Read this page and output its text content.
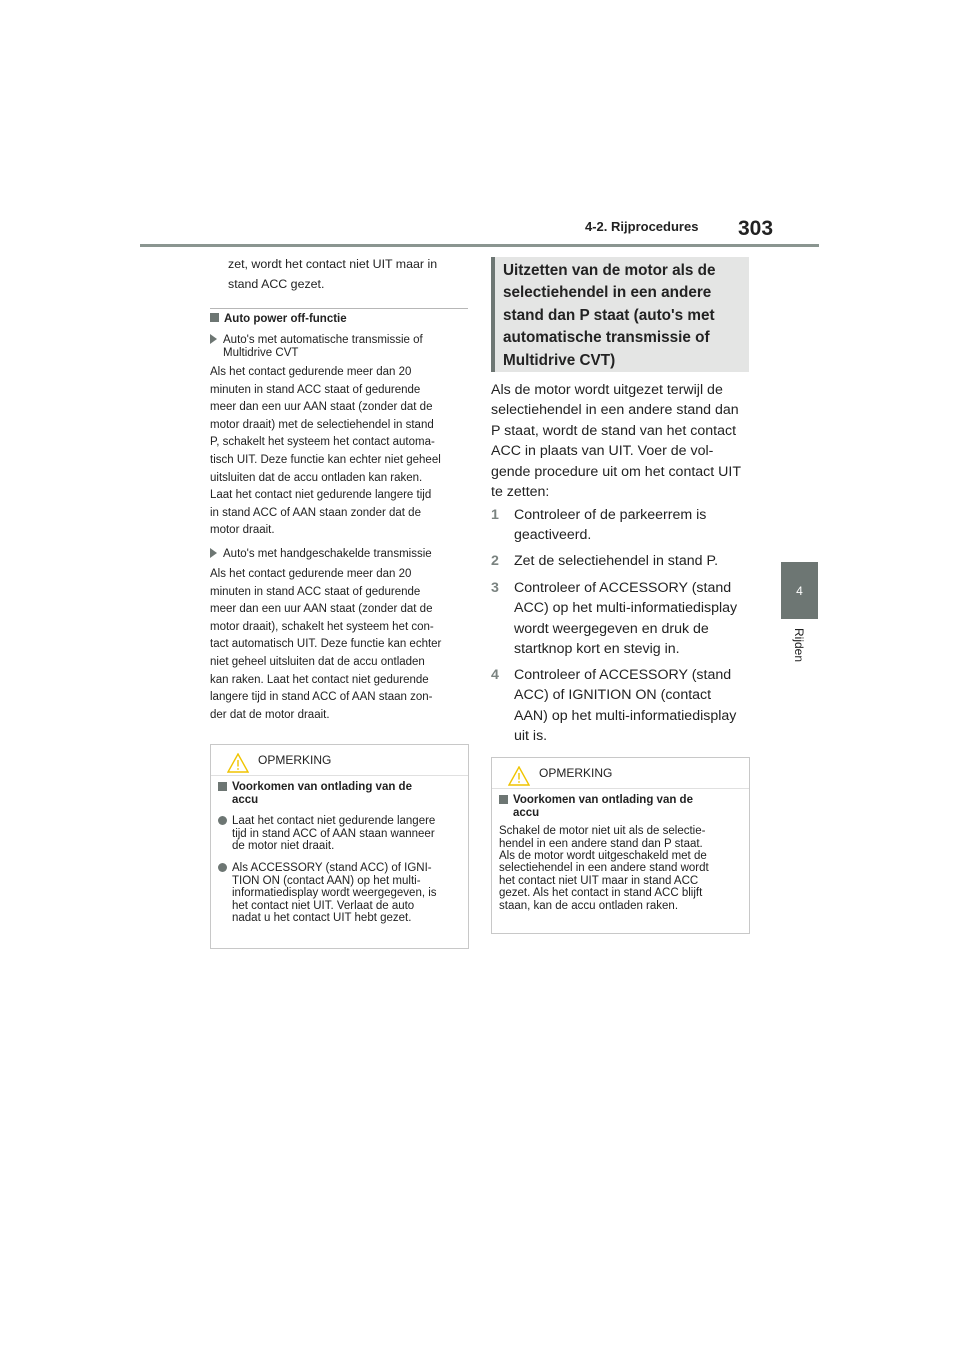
4-2. Rijprocedures 303
4
Rijden
zet, wordt het contact niet UIT maar in
stand ACC gezet.
Auto power off-functie
Auto's met automatische transmissie of
Multidrive CVT
Als het contact gedurende meer dan 20
minuten in stand ACC staat of gedurende
meer dan een uur AAN staat (zonder dat de
motor draait) met de selectiehendel in stand
P, schakelt het systeem het contact automa-
tisch UIT. Deze functie kan echter niet geheel
uitsluiten dat de accu ontladen kan raken.
Laat het contact niet gedurende langere tijd
in stand ACC of AAN staan zonder dat de
motor draait.
Auto's met handgeschakelde transmissie
Als het contact gedurende meer dan 20
minuten in stand ACC staat of gedurende
meer dan een uur AAN staat (zonder dat de
motor draait), schakelt het systeem het con-
tact automatisch UIT. Deze functie kan echter
niet geheel uitsluiten dat de accu ontladen
kan raken. Laat het contact niet gedurende
langere tijd in stand ACC of AAN staan zon-
der dat de motor draait.
OPMERKING
Voorkomen van ontlading van de
accu
Laat het contact niet gedurende langere
tijd in stand ACC of AAN staan wanneer
de motor niet draait.
Als ACCESSORY (stand ACC) of IGNI-
TION ON (contact AAN) op het multi-
informatiedisplay wordt weergegeven, is
het contact niet UIT. Verlaat de auto
nadat u het contact UIT hebt gezet.
Uitzetten van de motor als de
selectiehendel in een andere
stand dan P staat (auto's met
automatische transmissie of
Multidrive CVT)
Als de motor wordt uitgezet terwijl de
selectiehendel in een andere stand dan
P staat, wordt de stand van het contact
ACC in plaats van UIT. Voer de vol-
gende procedure uit om het contact UIT
te zetten:
1 Controleer of de parkeerrem is
geactiveerd.
2 Zet de selectiehendel in stand P.
3 Controleer of ACCESSORY (stand
ACC) op het multi-informatiedisplay
wordt weergegeven en druk de
startknop kort en stevig in.
4 Controleer of ACCESSORY (stand
ACC) of IGNITION ON (contact
AAN) op het multi-informatiedisplay
uit is.
OPMERKING
Voorkomen van ontlading van de
accu
Schakel de motor niet uit als de selectie-
hendel in een andere stand dan P staat.
Als de motor wordt uitgeschakeld met de
selectiehendel in een andere stand wordt
het contact niet UIT maar in stand ACC
gezet. Als het contact in stand ACC blijft
staan, kan de accu ontladen raken.
